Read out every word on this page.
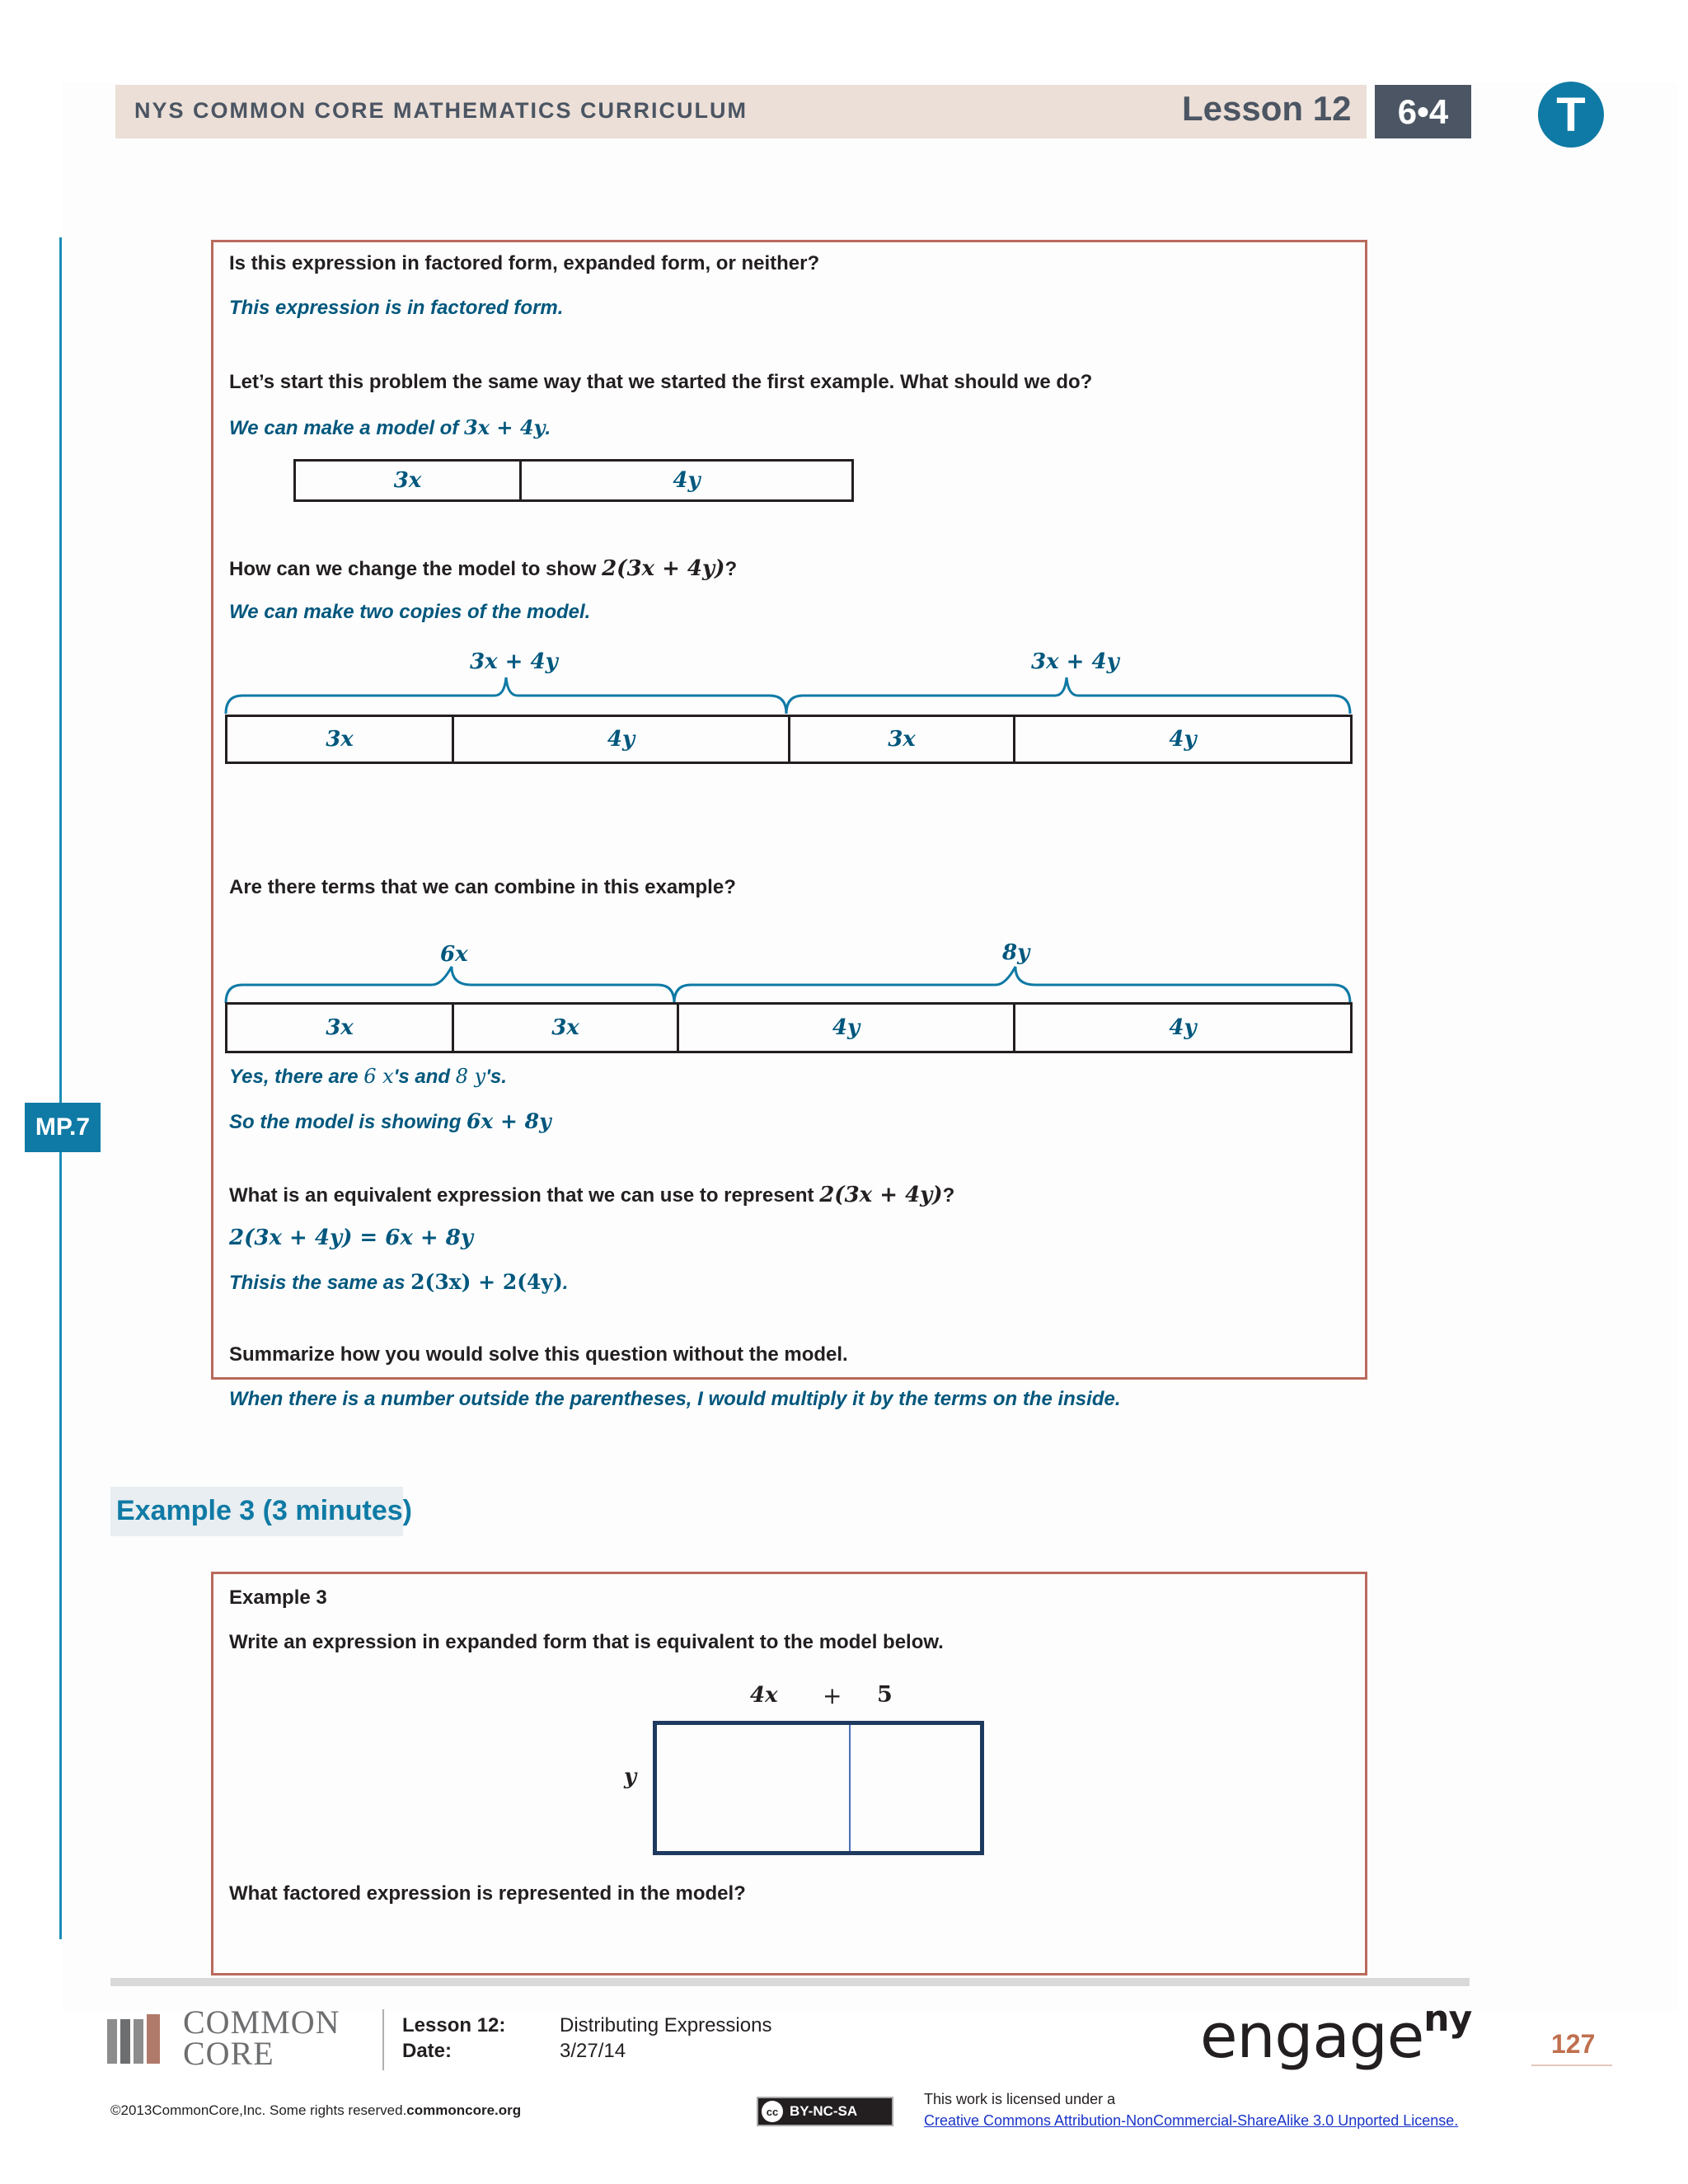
NYS COMMON CORE MATHEMATICS CURRICULUM	Lesson 12 6•4 T
MP.7
Is this expression in factored form, expanded form, or neither?
This expression is in factored form.
Let’s start this problem the same way that we started the first example. What should we do?
We can make a model of 3x + 4y.
3x	4y
How can we change the model to show 2(3x + 4y)?
We can make two copies of the model.
3x + 4y	3x + 4y
3x	4y	3x	4y
Are there terms that we can combine in this example?
6x	8y
3x	3x	4y	4y
Yes, there are 6 x's and 8 y's.
So the model is showing 6x + 8y
What is an equivalent expression that we can use to represent 2(3x + 4y)?
2(3x + 4y) = 6x + 8y
Thisis the same as 2(3x) + 2(4y).
Summarize how you would solve this question without the model.
When there is a number outside the parentheses, I would multiply it by the terms on the inside.
Example 3 (3 minutes)
Example 3
Write an expression in expanded form that is equivalent to the model below.
4x + 5
y
What factored expression is represented in the model?
COMMON
CORE
Lesson 12:	Distributing Expressions
Date:	3/27/14	engage$^{ny}$
127
©2013CommonCore,Inc. Some rights reserved.commoncore.org	cc BY-NC-SA
This work is licensed under a
Creative Commons Attribution-NonCommercial-ShareAlike 3.0 Unported License.
